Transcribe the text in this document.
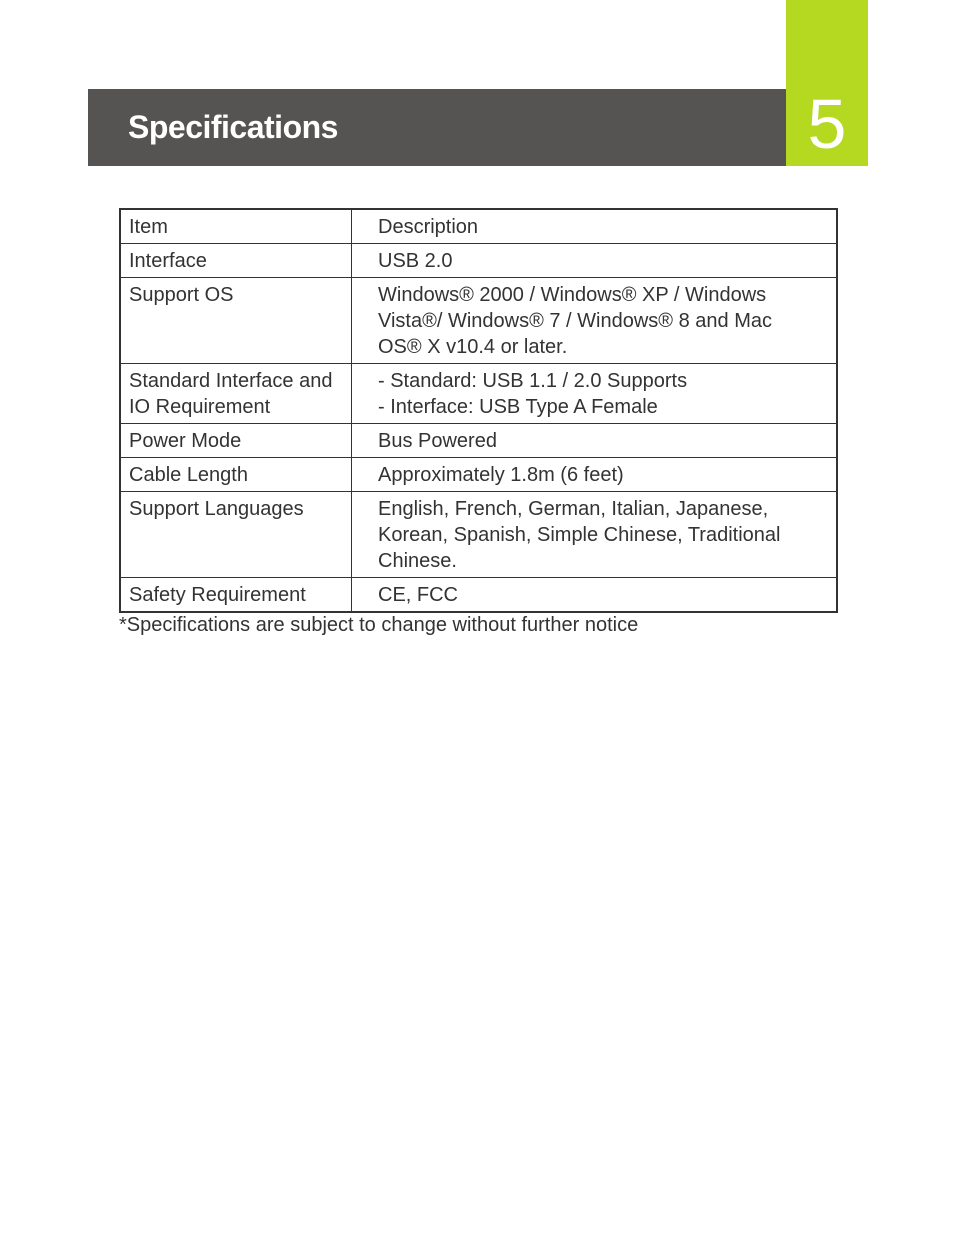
Specifications	5
Item	Description

Interface	USB 2.0

Support OS	Windows® 2000 / Windows® XP / Windows
Vista®/ Windows® 7 / Windows® 8 and Mac
OS® X v10.4 or later.

Standard Interface and
IO Requirement	- Standard: USB 1.1 / 2.0 Supports
- Interface: USB Type A Female

Power Mode	Bus Powered

Cable Length	Approximately 1.8m (6 feet)

Support Languages	English, French, German, Italian, Japanese,
Korean, Spanish, Simple Chinese, Traditional
Chinese.

Safety Requirement	CE, FCC
*Specifications are subject to change without further notice
